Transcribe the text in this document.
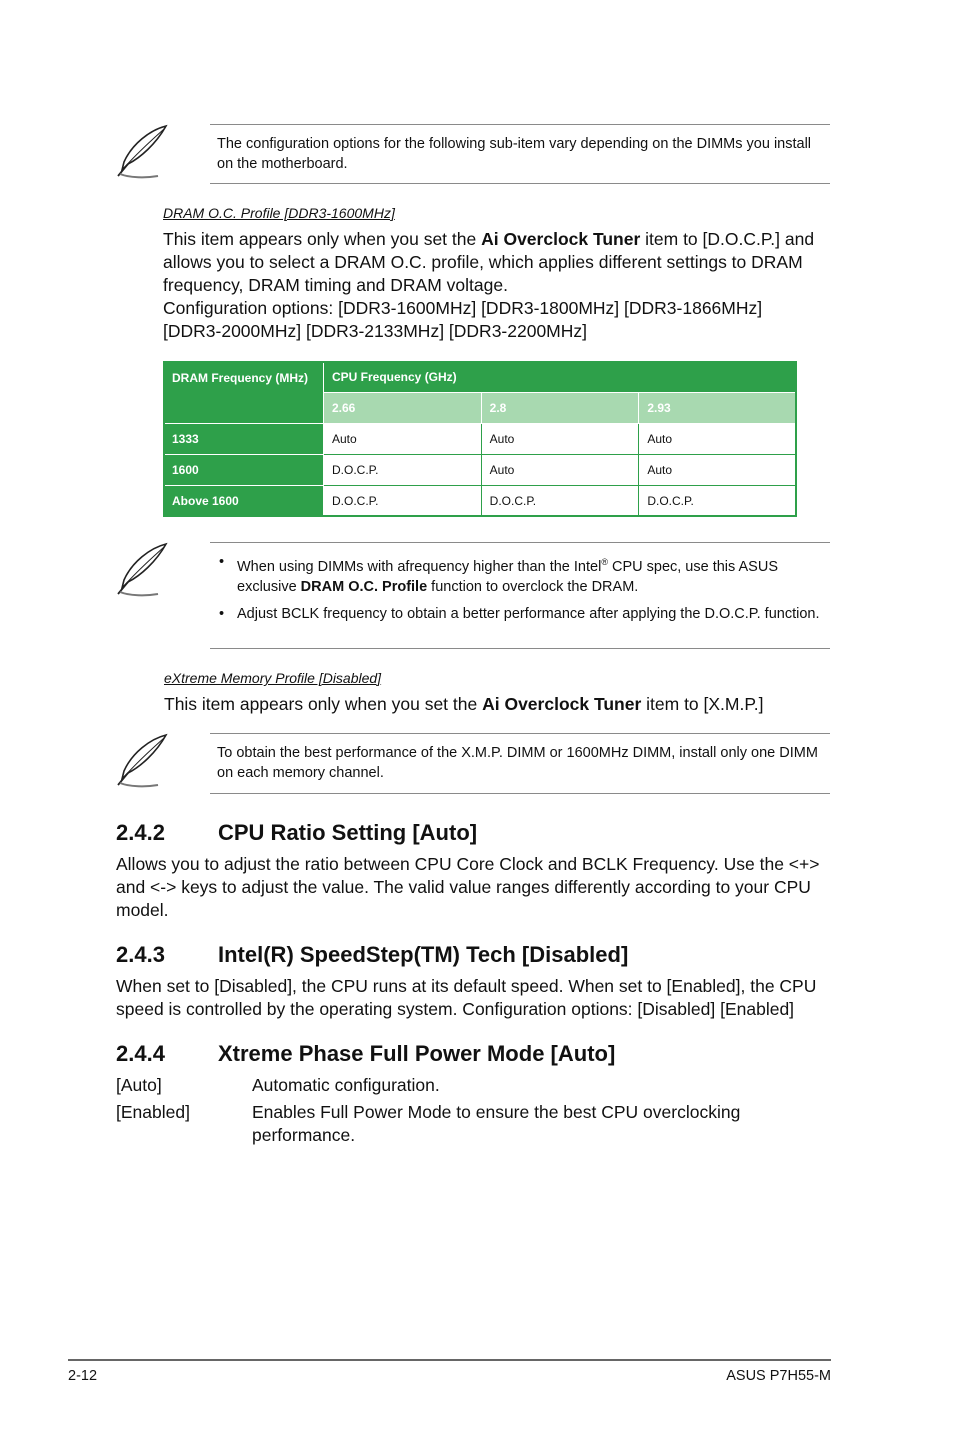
The configuration options for the following sub-item vary depending on the DIMMs you install on the motherboard.
DRAM O.C. Profile [DDR3-1600MHz]
This item appears only when you set the Ai Overclock Tuner item to [D.O.C.P.] and allows you to select a DRAM O.C. profile, which applies different settings to DRAM frequency, DRAM timing and DRAM voltage.
Configuration options: [DDR3-1600MHz] [DDR3-1800MHz] [DDR3-1866MHz] [DDR3-2000MHz] [DDR3-2133MHz] [DDR3-2200MHz]
DRAM Frequency (MHz)	CPU Frequency (GHz)		
	2.66	2.8	2.93
1333	Auto	Auto	Auto
1600	D.O.C.P.	Auto	Auto
Above 1600	D.O.C.P.	D.O.C.P.	D.O.C.P.
• When using DIMMs with afrequency higher than the Intel® CPU spec, use this ASUS exclusive DRAM O.C. Profile function to overclock the DRAM.
• Adjust BCLK frequency to obtain a better performance after applying the D.O.C.P. function.
eXtreme Memory Profile [Disabled]
This item appears only when you set the Ai Overclock Tuner item to [X.M.P.]
To obtain the best performance of the X.M.P. DIMM or 1600MHz DIMM, install only one DIMM on each memory channel.
2.4.2 CPU Ratio Setting [Auto]
Allows you to adjust the ratio between CPU Core Clock and BCLK Frequency. Use the <+> and <-> keys to adjust the value. The valid value ranges differently according to your CPU model.
2.4.3 Intel(R) SpeedStep(TM) Tech [Disabled]
When set to [Disabled], the CPU runs at its default speed. When set to [Enabled], the CPU speed is controlled by the operating system. Configuration options: [Disabled] [Enabled]
2.4.4 Xtreme Phase Full Power Mode [Auto]
[Auto]	Automatic configuration.
[Enabled]	Enables Full Power Mode to ensure the best CPU overclocking performance.
2-12	ASUS P7H55-M
